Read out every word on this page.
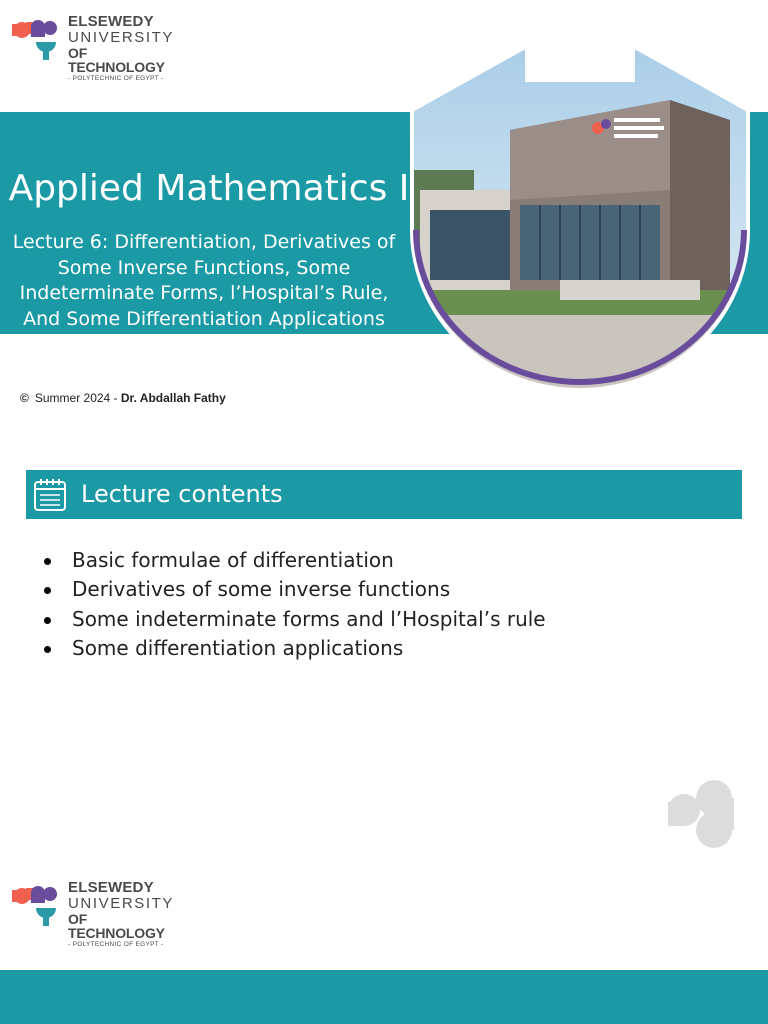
ELSEWEDY
UNIVERSITY
OF TECHNOLOGY
- POLYTECHNIC OF EGYPT -
Applied Mathematics I
Lecture 6: Differentiation, Derivatives of Some Inverse Functions, Some Indeterminate Forms, l’Hospital’s Rule, And Some Differentiation Applications
© Summer 2024 - Dr. Abdallah Fathy
Lecture contents
Basic formulae of differentiation
Derivatives of some inverse functions
Some indeterminate forms and l’Hospital’s rule
Some differentiation applications
ELSEWEDY
UNIVERSITY
OF TECHNOLOGY
- POLYTECHNIC OF EGYPT -
